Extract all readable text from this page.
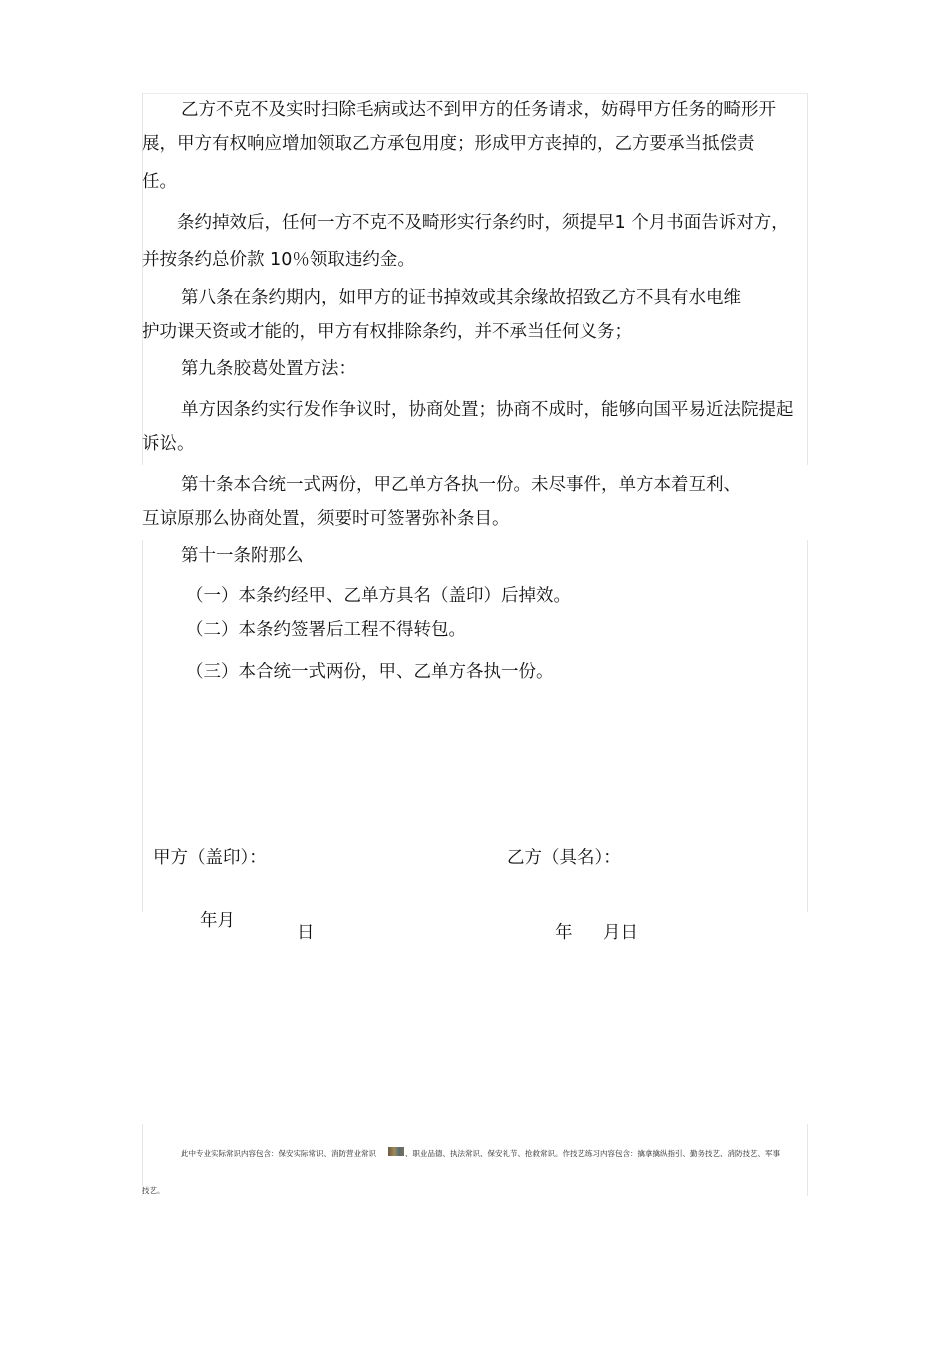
乙方不克不及实时扫除毛病或达不到甲方的任务请求，妨碍甲方任务的畸形开
展，甲方有权响应增加领取乙方承包用度；形成甲方丧掉的，乙方要承当抵偿责
任。
条约掉效后，任何一方不克不及畸形实行条约时，须提早1 个月书面告诉对方，
并按条约总价款 10％领取违约金。
第八条在条约期内，如甲方的证书掉效或其余缘故招致乙方不具有水电维
护功课天资或才能的，甲方有权排除条约，并不承当任何义务；
第九条胶葛处置方法：
单方因条约实行发作争议时，协商处置；协商不成时，能够向国平易近法院提起
诉讼。
第十条本合统一式两份，甲乙单方各执一份。未尽事件，单方本着互利、
互谅原那么协商处置，须要时可签署弥补条目。
第十一条附那么
（一）本条约经甲、乙单方具名（盖印）后掉效。
（二）本条约签署后工程不得转包。
（三）本合统一式两份，甲、乙单方各执一份。
甲方（盖印）：	乙方（具名）：
年月
日	年 月日
此中专业实际常识内容包含：保安实际常识、消防营业常识	、职业品德、执法常识、保安礼节、抢救常识。作技艺练习内容包含：擒拿擒纵指引、勤务技艺、消防技艺、军事
技艺。
